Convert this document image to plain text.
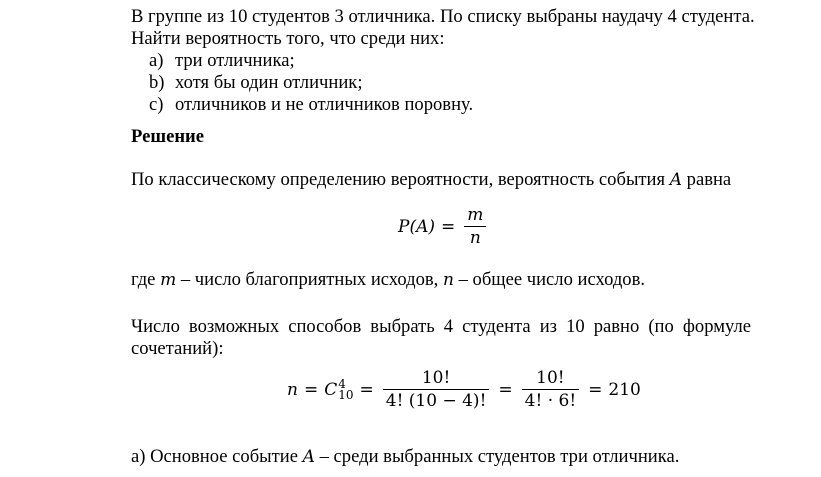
В группе из 10 студентов 3 отличника. По списку выбраны наудачу 4 студента.
Найти вероятность того, что среди них:
a) три отличника;
b) хотя бы один отличник;
c) отличников и не отличников поровну.
Решение
По классическому определению вероятности, вероятность события A равна
$P(A) = \frac{m}{n}$
где m – число благоприятных исходов, n – общее число исходов.
Число возможных способов выбрать 4 студента из 10 равно (по формуле
сочетаний):
n = C 4
$10 = \frac{10!}{4! (10 - 4)!} = \frac{10!}{4! \cdot 6!} = 210$
а) Основное событие A – среди выбранных студентов три отличника.
